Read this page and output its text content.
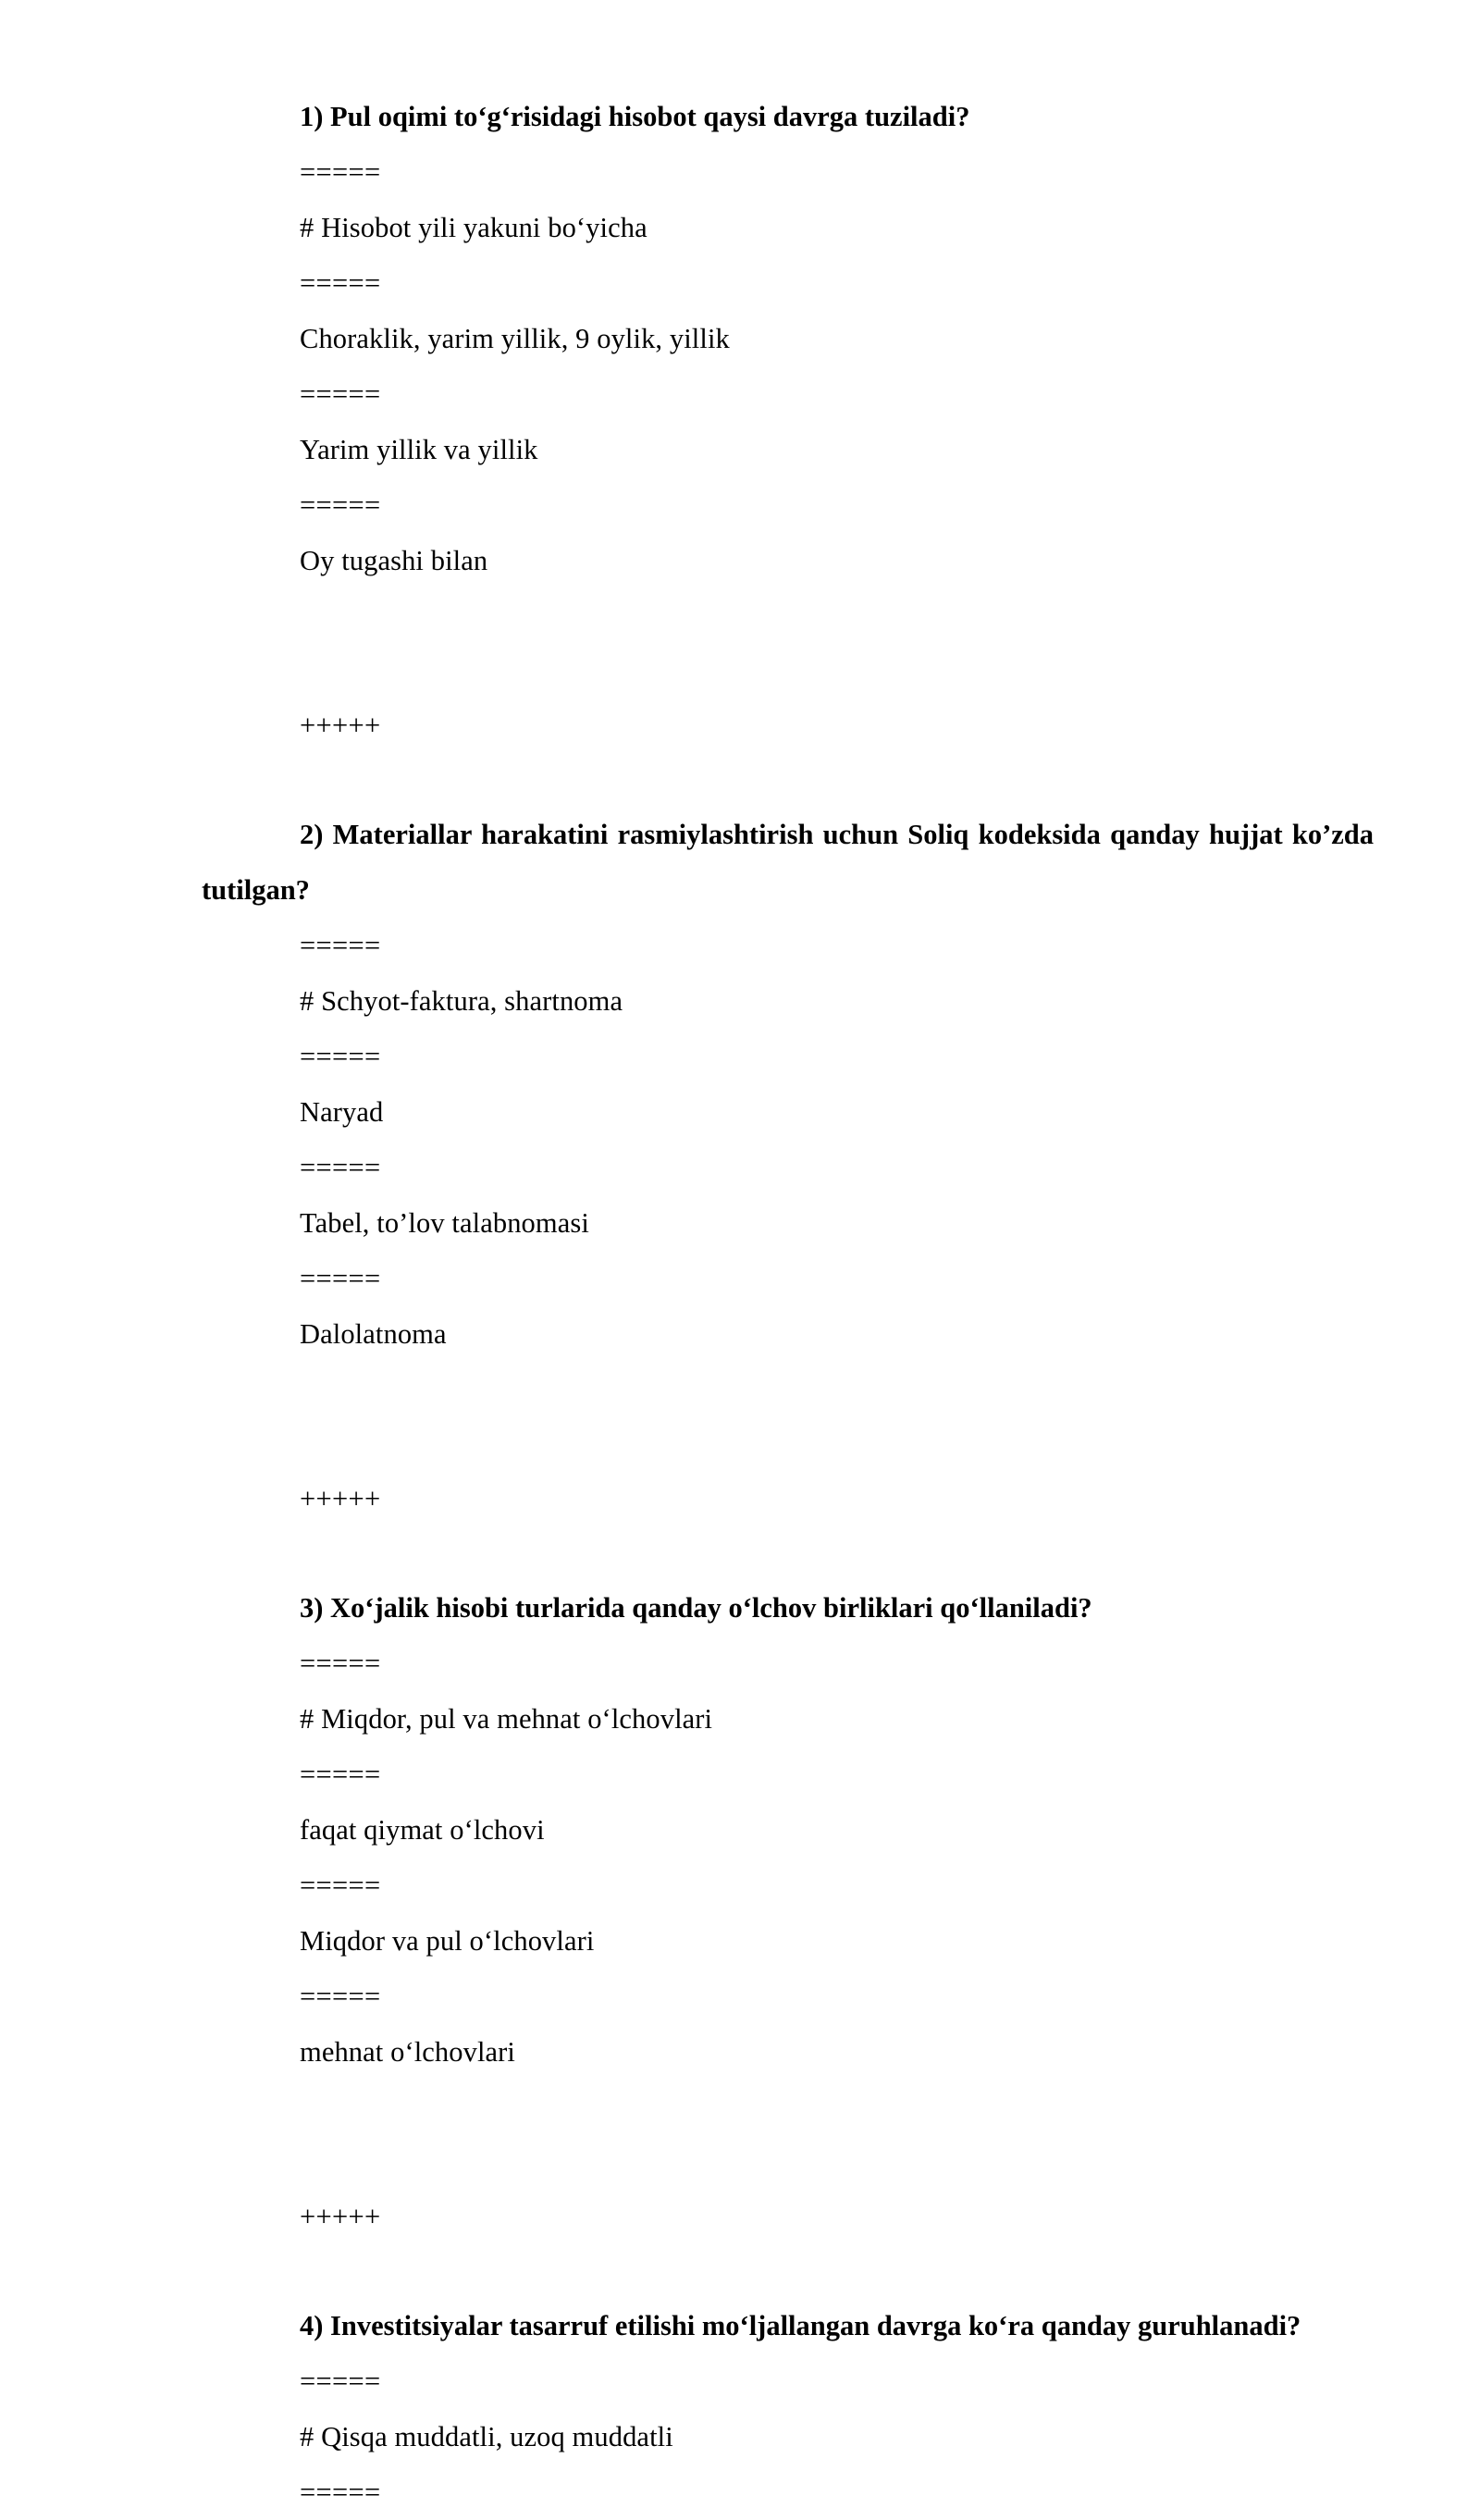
1) Pul oqimi to‘g‘risidagi hisobot qaysi davrga tuziladi?
=====
# Hisobot yili yakuni bo‘yicha
=====
Choraklik, yarim yillik, 9 oylik, yillik
=====
Yarim yillik va yillik
=====
Oy tugashi bilan
+++++
2) Materiallar harakatini rasmiylashtirish uchun Soliq kodeksida qanday hujjat ko’zda tutilgan?
=====
# Schyot-faktura, shartnoma
=====
Naryad
=====
Tabel, to’lov talabnomasi
=====
Dalolatnoma
+++++
3) Xo‘jalik hisobi turlarida qanday o‘lchov birliklari qo‘llaniladi?
=====
# Miqdor, pul va mehnat o‘lchovlari
=====
faqat qiymat o‘lchovi
=====
Miqdor va pul o‘lchovlari
=====
mehnat o‘lchovlari
+++++
4) Investitsiyalar tasarruf etilishi mo‘ljallangan davrga ko‘ra qanday guruhlanadi?
=====
# Qisqa muddatli, uzoq muddatli
=====
